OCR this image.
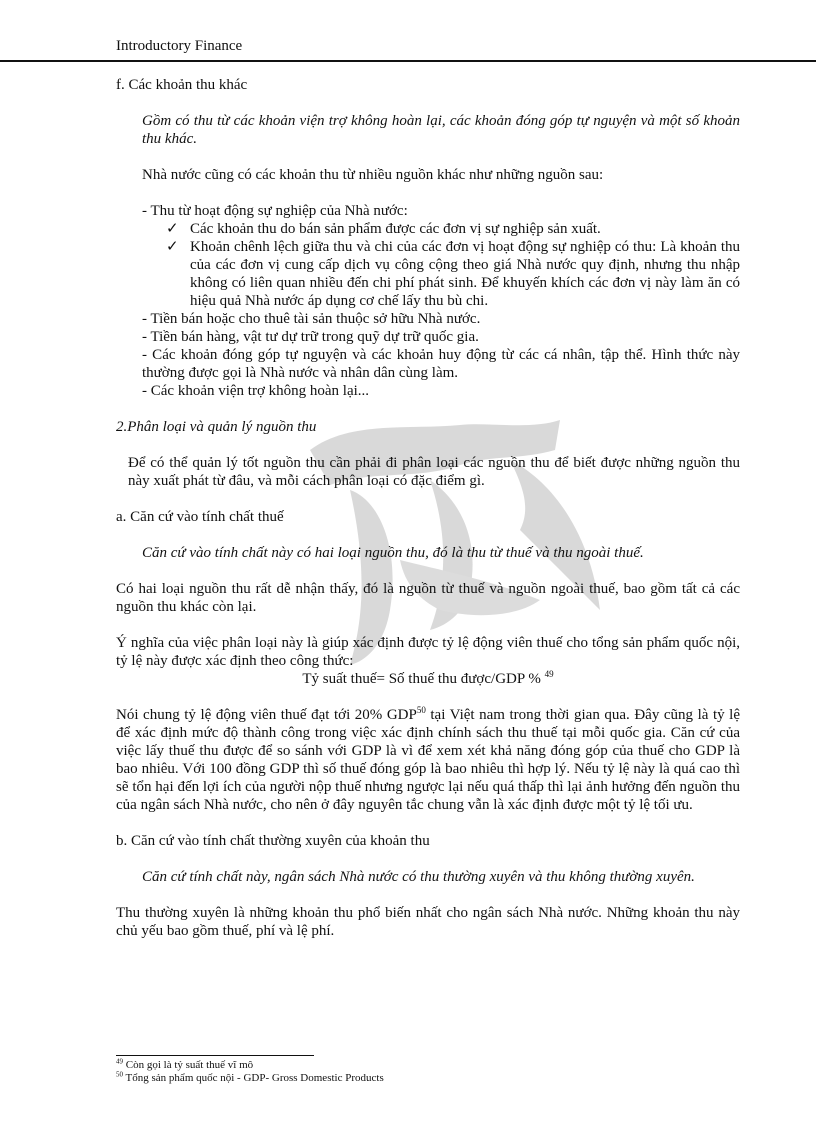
Introductory Finance

f. Các khoản thu khác

Gồm có thu từ các khoản viện trợ không hoàn lại, các khoản đóng góp tự nguyện và một số khoản thu khác.

Nhà nước cũng có các khoản thu từ nhiều nguồn khác như những nguồn sau:

- Thu từ hoạt động sự nghiệp của Nhà nước:

✓ Các khoản thu do bán sản phẩm được các đơn vị sự nghiệp sản xuất.

✓ Khoản chênh lệch giữa thu và chi của các đơn vị hoạt động sự nghiệp có thu: Là khoản thu của các đơn vị cung cấp dịch vụ công cộng theo giá Nhà nước quy định, nhưng thu nhập không có liên quan nhiều đến chi phí phát sinh. Để khuyến khích các đơn vị này làm ăn có hiệu quả Nhà nước áp dụng cơ chế lấy thu bù chi.

- Tiền bán hoặc cho thuê tài sản thuộc sở hữu Nhà nước.

- Tiền bán hàng, vật tư dự trữ trong quỹ dự trữ quốc gia.

- Các khoản đóng góp tự nguyện và các khoản huy động từ các cá nhân, tập thể. Hình thức này thường được gọi là Nhà nước và nhân dân cùng làm.

- Các khoản viện trợ không hoàn lại...

2.Phân loại và quản lý nguồn thu

Để có thể quản lý tốt nguồn thu cần phải đi phân loại các nguồn thu để biết được những nguồn thu này xuất phát từ đâu, và mỗi cách phân loại có đặc điểm gì.

a. Căn cứ vào tính chất thuế

Căn cứ vào tính chất này có hai loại nguồn thu, đó là thu từ thuế và thu ngoài thuế.

Có hai loại nguồn thu rất dễ nhận thấy, đó là nguồn từ thuế và nguồn ngoài thuế, bao gồm tất cả các nguồn thu khác còn lại.

Ý nghĩa của việc phân loại này là giúp xác định được tỷ lệ động viên thuế cho tổng sản phẩm quốc nội, tỷ lệ này được xác định theo công thức:

Tỷ suất thuế= Số thuế thu được/GDP % $^{49}$

Nói chung tỷ lệ động viên thuế đạt tới 20% GDP$^{50}$ tại Việt nam trong thời gian qua. Đây cũng là tỷ lệ để xác định mức độ thành công trong việc xác định chính sách thu thuế tại mỗi quốc gia. Căn cứ của việc lấy thuế thu được để so sánh với GDP là vì để xem xét khả năng đóng góp của thuế cho GDP là bao nhiêu. Với 100 đồng GDP thì số thuế đóng góp là bao nhiêu thì hợp lý. Nếu tỷ lệ này là quá cao thì sẽ tổn hại đến lợi ích của người nộp thuế nhưng ngược lại nếu quá thấp thì lại ảnh hưởng đến nguồn thu của ngân sách Nhà nước, cho nên ở đây nguyên tắc chung vẫn là xác định được một tỷ lệ tối ưu.

b. Căn cứ vào tính chất thường xuyên của khoản thu

Căn cứ tính chất này, ngân sách Nhà nước có thu thường xuyên và thu không thường xuyên.

Thu thường xuyên là những khoản thu phổ biến nhất cho ngân sách Nhà nước. Những khoản thu này chủ yếu bao gồm thuế, phí và lệ phí.

$^{49}$ Còn gọi là tỷ suất thuế vĩ mô
$^{50}$ Tổng sản phẩm quốc nội - GDP- Gross Domestic Products
